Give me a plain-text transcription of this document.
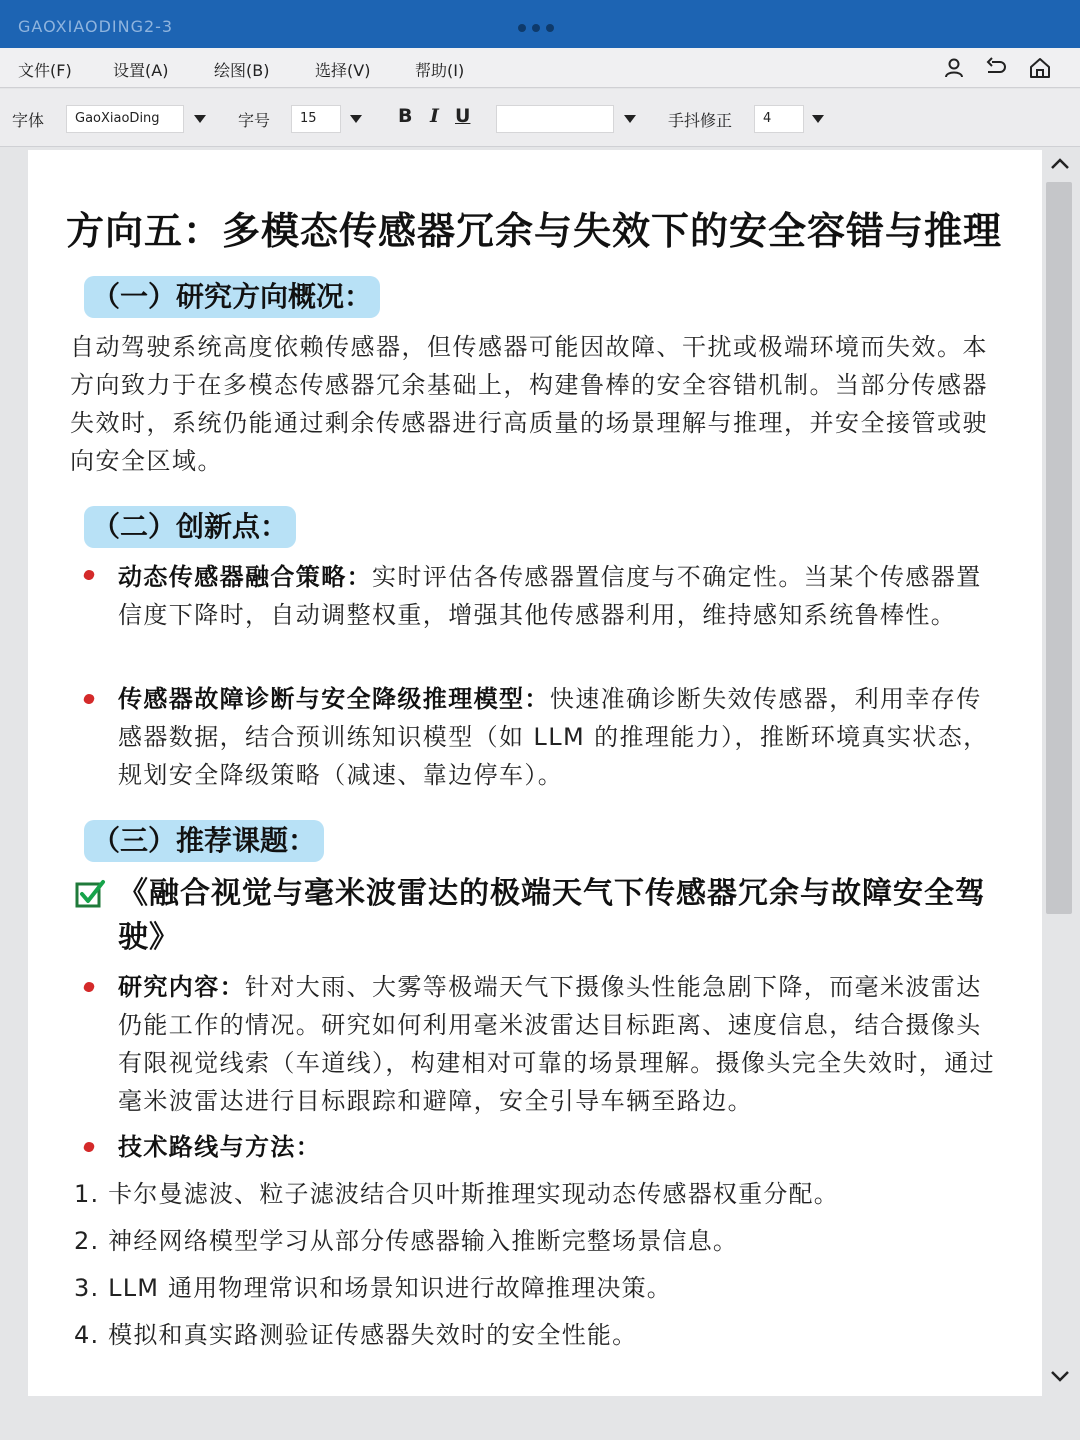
GAOXIAODING2-3
文件(F)	设置(A)	绘图(B)	选择(V)	帮助(I)
字体	GaoXiaoDing	字号	15	B I U	手抖修正	4
方向五：多模态传感器冗余与失效下的安全容错与推理
（一）研究方向概况：
自动驾驶系统高度依赖传感器，但传感器可能因故障、干扰或极端环境而失效。本方向致力于在多模态传感器冗余基础上，构建鲁棒的安全容错机制。当部分传感器失效时，系统仍能通过剩余传感器进行高质量的场景理解与推理，并安全接管或驶向安全区域。
（二）创新点：
动态传感器融合策略：实时评估各传感器置信度与不确定性。当某个传感器置信度下降时，自动调整权重，增强其他传感器利用，维持感知系统鲁棒性。
传感器故障诊断与安全降级推理模型：快速准确诊断失效传感器，利用幸存传感器数据，结合预训练知识模型（如 LLM 的推理能力），推断环境真实状态，规划安全降级策略（减速、靠边停车）。
（三）推荐课题：
《融合视觉与毫米波雷达的极端天气下传感器冗余与故障安全驾驶》
研究内容：针对大雨、大雾等极端天气下摄像头性能急剧下降，而毫米波雷达仍能工作的情况。研究如何利用毫米波雷达目标距离、速度信息，结合摄像头有限视觉线索（车道线），构建相对可靠的场景理解。摄像头完全失效时，通过毫米波雷达进行目标跟踪和避障，安全引导车辆至路边。
技术路线与方法：
1. 卡尔曼滤波、粒子滤波结合贝叶斯推理实现动态传感器权重分配。
2. 神经网络模型学习从部分传感器输入推断完整场景信息。
3. LLM 通用物理常识和场景知识进行故障推理决策。
4. 模拟和真实路测验证传感器失效时的安全性能。
